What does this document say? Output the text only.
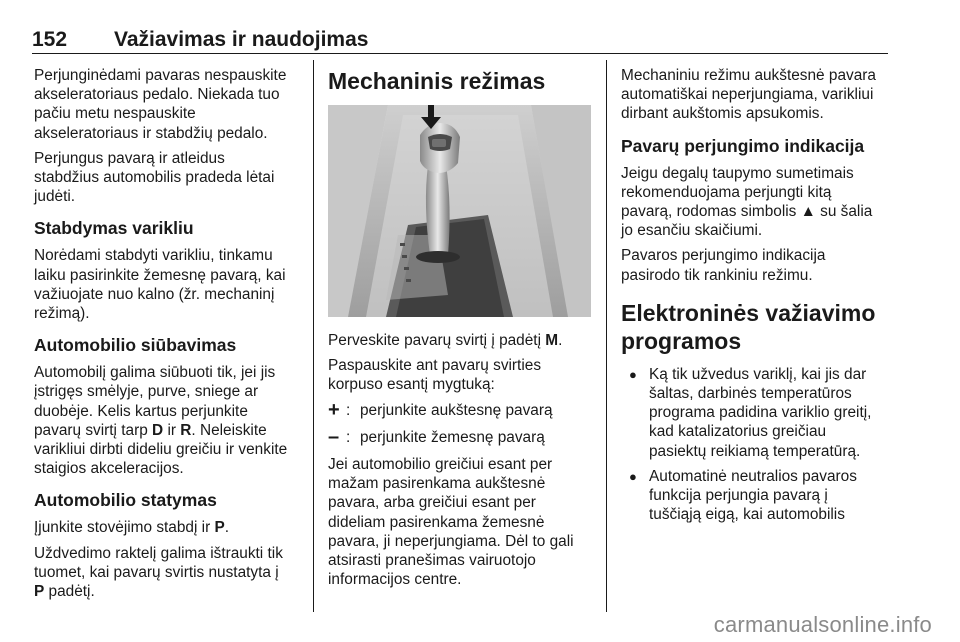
152 Važiavimas ir naudojimas

Perjunginėdami pavaras nespauskite
akseleratoriaus pedalo. Niekada tuo
pačiu metu nespauskite
akseleratoriaus ir stabdžių pedalo.

Perjungus pavarą ir atleidus
stabdžius automobilis pradeda lėtai
judėti.

Stabdymas varikliu

Norėdami stabdyti varikliu, tinkamu
laiku pasirinkite žemesnę pavarą, kai
važiuojate nuo kalno (žr. mechaninį
režimą).

Automobilio siūbavimas

Automobilį galima siūbuoti tik, jei jis
įstrigęs smėlyje, purve, sniege ar
duobėje. Kelis kartus perjunkite
pavarų svirtį tarp D ir R. Neleiskite
varikliui dirbti dideliu greičiu ir venkite
staigios akceleracijos.

Automobilio statymas

Įjunkite stovėjimo stabdį ir P.

Uždvedimo raktelį galima ištraukti tik
tuomet, kai pavarų svirtis nustatyta į
P padėtį.

Mechaninis režimas

Perveskite pavarų svirtį į padėtį M.

Paspauskite ant pavarų svirties
korpuso esantį mygtuką:

+ : perjunkite aukštesnę pavarą
– : perjunkite žemesnę pavarą

Jei automobilio greičiui esant per
mažam pasirenkama aukštesnė
pavara, arba greičiui esant per
dideliam pasirenkama žemesnė
pavara, ji neperjungiama. Dėl to gali
atsirasti pranešimas vairuotojo
informacijos centre.

Mechaniniu režimu aukštesnė pavara
automatiškai neperjungiama, varikliui
dirbant aukštomis apsukomis.

Pavarų perjungimo indikacija

Jeigu degalų taupymo sumetimais
rekomenduojama perjungti kitą
pavarą, rodomas simbolis ▲ su šalia
jo esančiu skaičiumi.

Pavaros perjungimo indikacija
pasirodo tik rankiniu režimu.

Elektroninės važiavimo
programos
● Ką tik užvedus variklį, kai jis dar
šaltas, darbinės temperatūros
programa padidina variklio greitį,
kad katalizatorius greičiau
pasiektų reikiamą temperatūrą.
● Automatinė neutralios pavaros
funkcija perjungia pavarą į
tuščiąją eigą, kai automobilis
carmanualsonline.info
